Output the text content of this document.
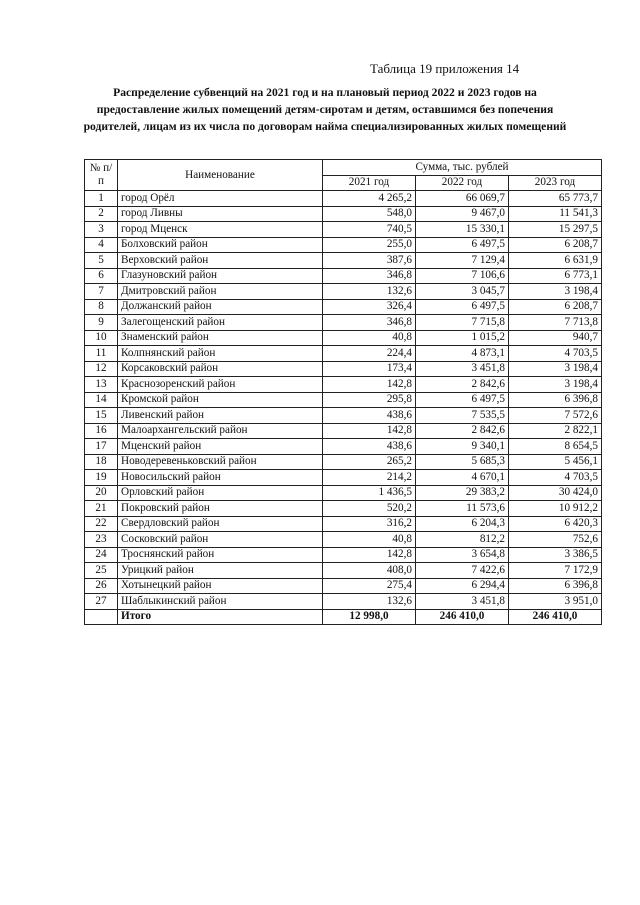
Таблица 19 приложения 14
Распределение субвенций на 2021 год и на плановый период 2022 и 2023 годов на предоставление жилых помещений детям-сиротам и детям, оставшимся без попечения родителей, лицам из их числа по договорам найма специализированных жилых помещений
№ п/п	Наименование	Сумма, тыс. рублей		
		2021 год	2022 год	2023 год
1	город Орёл	4 265,2	66 069,7	65 773,7
2	город Ливны	548,0	9 467,0	11 541,3
3	город Мценск	740,5	15 330,1	15 297,5
4	Болховский район	255,0	6 497,5	6 208,7
5	Верховский район	387,6	7 129,4	6 631,9
6	Глазуновский район	346,8	7 106,6	6 773,1
7	Дмитровский район	132,6	3 045,7	3 198,4
8	Должанский район	326,4	6 497,5	6 208,7
9	Залегощенский район	346,8	7 715,8	7 713,8
10	Знаменский район	40,8	1 015,2	940,7
11	Колпнянский район	224,4	4 873,1	4 703,5
12	Корсаковский район	173,4	3 451,8	3 198,4
13	Краснозоренский район	142,8	2 842,6	3 198,4
14	Кромской район	295,8	6 497,5	6 396,8
15	Ливенский район	438,6	7 535,5	7 572,6
16	Малоархангельский район	142,8	2 842,6	2 822,1
17	Мценский район	438,6	9 340,1	8 654,5
18	Новодеревеньковский район	265,2	5 685,3	5 456,1
19	Новосильский район	214,2	4 670,1	4 703,5
20	Орловский район	1 436,5	29 383,2	30 424,0
21	Покровский район	520,2	11 573,6	10 912,2
22	Свердловский район	316,2	6 204,3	6 420,3
23	Сосковский район	40,8	812,2	752,6
24	Троснянский район	142,8	3 654,8	3 386,5
25	Урицкий район	408,0	7 422,6	7 172,9
26	Хотынецкий район	275,4	6 294,4	6 396,8
27	Шаблыкинский район	132,6	3 451,8	3 951,0
	Итого	12 998,0	246 410,0	246 410,0
